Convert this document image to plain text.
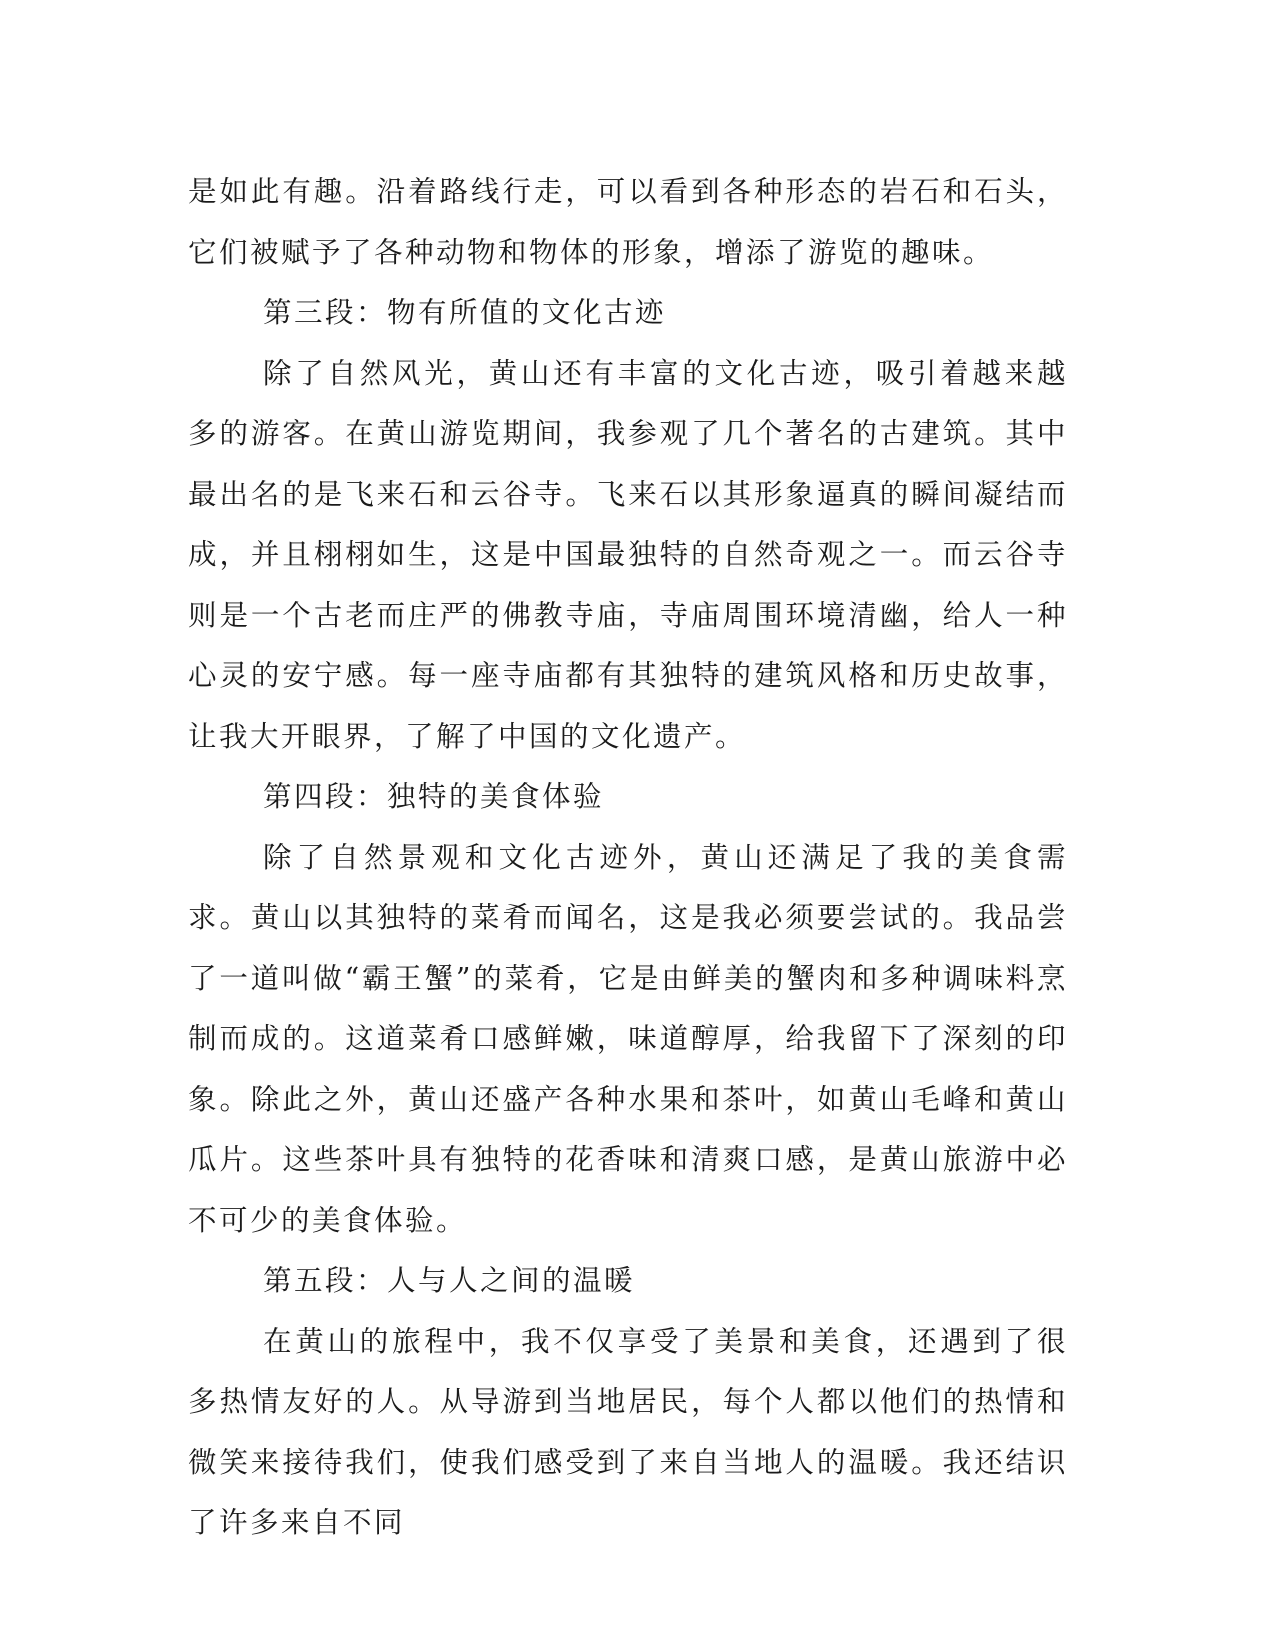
是如此有趣。沿着路线行走，可以看到各种形态的岩石和石头，它们被赋予了各种动物和物体的形象，增添了游览的趣味。

第三段：物有所值的文化古迹

除了自然风光，黄山还有丰富的文化古迹，吸引着越来越多的游客。在黄山游览期间，我参观了几个著名的古建筑。其中最出名的是飞来石和云谷寺。飞来石以其形象逼真的瞬间凝结而成，并且栩栩如生，这是中国最独特的自然奇观之一。而云谷寺则是一个古老而庄严的佛教寺庙，寺庙周围环境清幽，给人一种心灵的安宁感。每一座寺庙都有其独特的建筑风格和历史故事，让我大开眼界，了解了中国的文化遗产。

第四段：独特的美食体验

除了自然景观和文化古迹外，黄山还满足了我的美食需求。黄山以其独特的菜肴而闻名，这是我必须要尝试的。我品尝了一道叫做“霸王蟹”的菜肴，它是由鲜美的蟹肉和多种调味料烹制而成的。这道菜肴口感鲜嫩，味道醇厚，给我留下了深刻的印象。除此之外，黄山还盛产各种水果和茶叶，如黄山毛峰和黄山瓜片。这些茶叶具有独特的花香味和清爽口感，是黄山旅游中必不可少的美食体验。

第五段：人与人之间的温暖

在黄山的旅程中，我不仅享受了美景和美食，还遇到了很多热情友好的人。从导游到当地居民，每个人都以他们的热情和微笑来接待我们，使我们感受到了来自当地人的温暖。我还结识了许多来自不同
